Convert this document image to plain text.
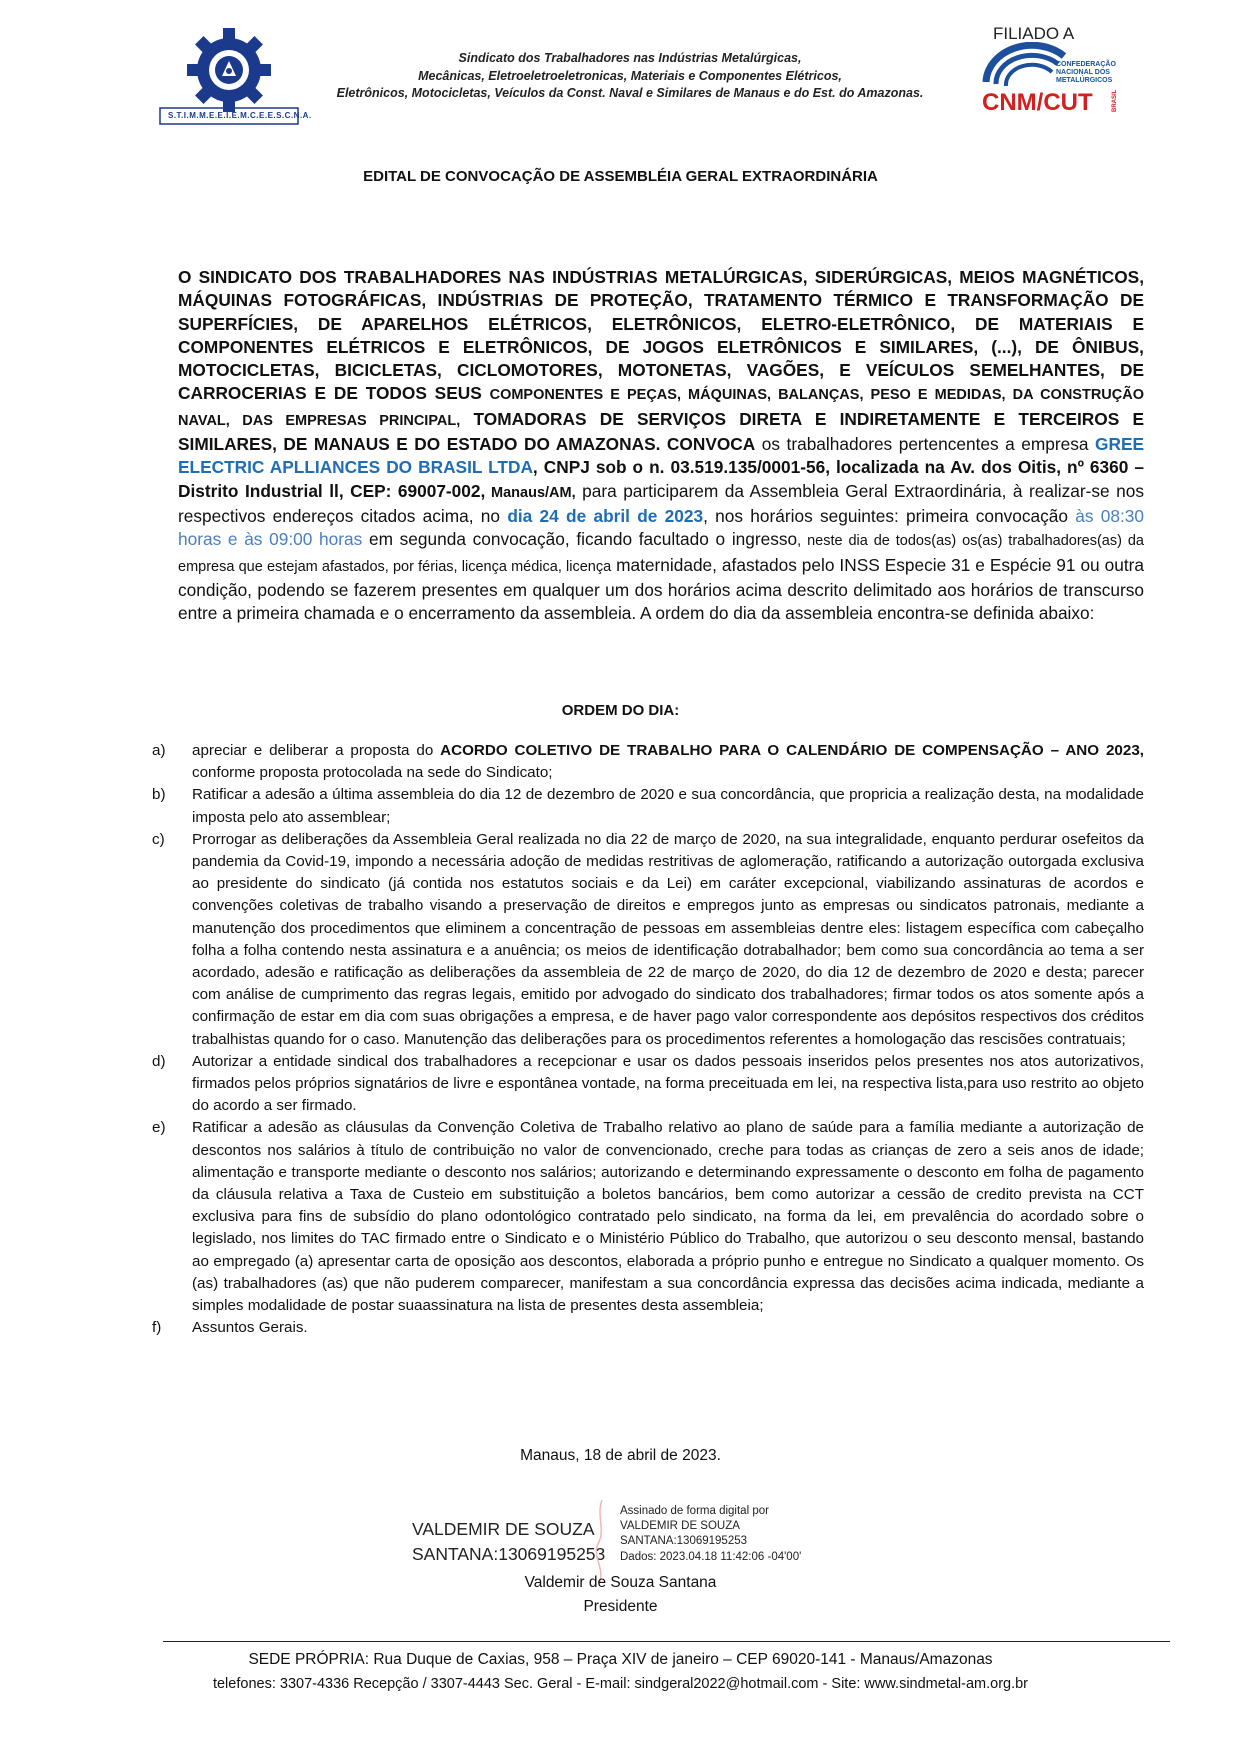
S.T.I.M.M.E.E.I.E.M.C.E.E.S.C.N.A.
Sindicato dos Trabalhadores nas Indústrias Metalúrgicas,
Mecânicas, Eletroeletroeletronicas, Materiais e Componentes Elétricos,
Eletrônicos, Motocicletas, Veículos da Const. Naval e Similares de Manaus e do Est. do Amazonas.
FILIADO A
CONFEDERAÇÃO
NACIONAL DOS
METALÚRGICOS
CNM/CUT	BRASIL
EDITAL DE CONVOCAÇÃO DE ASSEMBLÉIA GERAL EXTRAORDINÁRIA
O SINDICATO DOS TRABALHADORES NAS INDÚSTRIAS METALÚRGICAS, SIDERÚRGICAS, MEIOS MAGNÉTICOS, MÁQUINAS FOTOGRÁFICAS, INDÚSTRIAS DE PROTEÇÃO, TRATAMENTO TÉRMICO E TRANSFORMAÇÃO DE SUPERFÍCIES, DE APARELHOS ELÉTRICOS, ELETRÔNICOS, ELETRO-ELETRÔNICO, DE MATERIAIS E COMPONENTES ELÉTRICOS E ELETRÔNICOS, DE JOGOS ELETRÔNICOS E SIMILARES, (...), DE ÔNIBUS, MOTOCICLETAS, BICICLETAS, CICLOMOTORES, MOTONETAS, VAGÕES, E VEÍCULOS SEMELHANTES, DE CARROCERIAS E DE TODOS SEUS COMPONENTES E PEÇAS, MÁQUINAS, BALANÇAS, PESO E MEDIDAS, DA CONSTRUÇÃO NAVAL, DAS EMPRESAS PRINCIPAL, TOMADORAS DE SERVIÇOS DIRETA E INDIRETAMENTE E TERCEIROS E SIMILARES, DE MANAUS E DO ESTADO DO AMAZONAS. CONVOCA os trabalhadores pertencentes a empresa GREE ELECTRIC APLLIANCES DO BRASIL LTDA, CNPJ sob o n. 03.519.135/0001-56, localizada na Av. dos Oitis, nº 6360 – Distrito Industrial ll, CEP: 69007-002, Manaus/AM, para participarem da Assembleia Geral Extraordinária, à realizar-se nos respectivos endereços citados acima, no dia 24 de abril de 2023, nos horários seguintes: primeira convocação às 08:30 horas e às 09:00 horas em segunda convocação, ficando facultado o ingresso, neste dia de todos(as) os(as) trabalhadores(as) da empresa que estejam afastados, por férias, licença médica, licença maternidade, afastados pelo INSS Especie 31 e Espécie 91 ou outra condição, podendo se fazerem presentes em qualquer um dos horários acima descrito delimitado aos horários de transcurso entre a primeira chamada e o encerramento da assembleia. A ordem do dia da assembleia encontra-se definida abaixo:
ORDEM DO DIA:
a) apreciar e deliberar a proposta do ACORDO COLETIVO DE TRABALHO PARA O CALENDÁRIO DE COMPENSAÇÃO – ANO 2023, conforme proposta protocolada na sede do Sindicato;
b) Ratificar a adesão a última assembleia do dia 12 de dezembro de 2020 e sua concordância, que propricia a realização desta, na modalidade imposta pelo ato assemblear;
c) Prorrogar as deliberações da Assembleia Geral realizada no dia 22 de março de 2020, na sua integralidade, enquanto perdurar osefeitos da pandemia da Covid-19, impondo a necessária adoção de medidas restritivas de aglomeração, ratificando a autorização outorgada exclusiva ao presidente do sindicato (já contida nos estatutos sociais e da Lei) em caráter excepcional, viabilizando assinaturas de acordos e convenções coletivas de trabalho visando a preservação de direitos e empregos junto as empresas ou sindicatos patronais, mediante a manutenção dos procedimentos que eliminem a concentração de pessoas em assembleias dentre eles: listagem específica com cabeçalho folha a folha contendo nesta assinatura e a anuência; os meios de identificação dotrabalhador; bem como sua concordância ao tema a ser acordado, adesão e ratificação as deliberações da assembleia de 22 de março de 2020, do dia 12 de dezembro de 2020 e desta; parecer com análise de cumprimento das regras legais, emitido por advogado do sindicato dos trabalhadores; firmar todos os atos somente após a confirmação de estar em dia com suas obrigações a empresa, e de haver pago valor correspondente aos depósitos respectivos dos créditos trabalhistas quando for o caso. Manutenção das deliberações para os procedimentos referentes a homologação das rescisões contratuais;
d) Autorizar a entidade sindical dos trabalhadores a recepcionar e usar os dados pessoais inseridos pelos presentes nos atos autorizativos, firmados pelos próprios signatários de livre e espontânea vontade, na forma preceituada em lei, na respectiva lista,para uso restrito ao objeto do acordo a ser firmado.
e) Ratificar a adesão as cláusulas da Convenção Coletiva de Trabalho relativo ao plano de saúde para a família mediante a autorização de descontos nos salários à título de contribuição no valor de convencionado, creche para todas as crianças de zero a seis anos de idade; alimentação e transporte mediante o desconto nos salários; autorizando e determinando expressamente o desconto em folha de pagamento da cláusula relativa a Taxa de Custeio em substituição a boletos bancários, bem como autorizar a cessão de credito prevista na CCT exclusiva para fins de subsídio do plano odontológico contratado pelo sindicato, na forma da lei, em prevalência do acordado sobre o legislado, nos limites do TAC firmado entre o Sindicato e o Ministério Público do Trabalho, que autorizou o seu desconto mensal, bastando ao empregado (a) apresentar carta de oposição aos descontos, elaborada a próprio punho e entregue no Sindicato a qualquer momento. Os (as) trabalhadores (as) que não puderem comparecer, manifestam a sua concordância expressa das decisões acima indicada, mediante a simples modalidade de postar suaassinatura na lista de presentes desta assembleia;
f) Assuntos Gerais.
Manaus, 18 de abril de 2023.
VALDEMIR DE SOUZA
SANTANA:13069195253
Assinado de forma digital por
VALDEMIR DE SOUZA
SANTANA:13069195253
Dados: 2023.04.18 11:42:06 -04'00'
Valdemir de Souza Santana
Presidente
SEDE PRÓPRIA: Rua Duque de Caxias, 958 – Praça XIV de janeiro – CEP 69020-141 - Manaus/Amazonas
telefones: 3307-4336 Recepção / 3307-4443 Sec. Geral - E-mail: sindgeral2022@hotmail.com - Site: www.sindmetal-am.org.br
